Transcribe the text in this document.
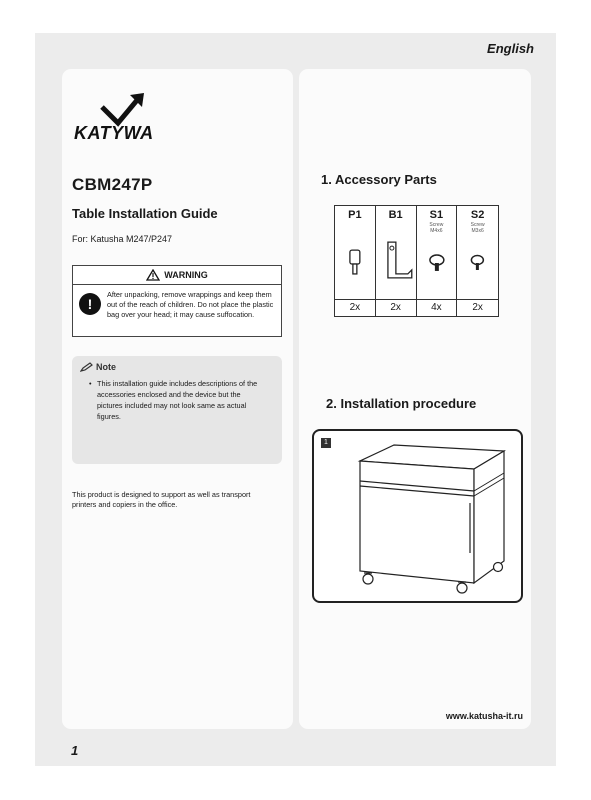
English
KATYWA
CBM247P
Table Installation Guide
For: Katusha M247/P247
WARNING
!
After unpacking, remove wrappings and keep them out of the reach of children. Do not place the plastic bag over your head; it may cause suffocation.
Note
• This installation guide includes descriptions of the accessories enclosed and the device but the pictures included may not look same as actual figures.
This product is designed to support as well as transport printers and copiers in the office.
1. Accessory Parts
P1
2x
B1
2x
S1
Screw
M4x6
4x
S2
Screw
M3x6
2x
2. Installation procedure
1
www.katusha-it.ru
1
